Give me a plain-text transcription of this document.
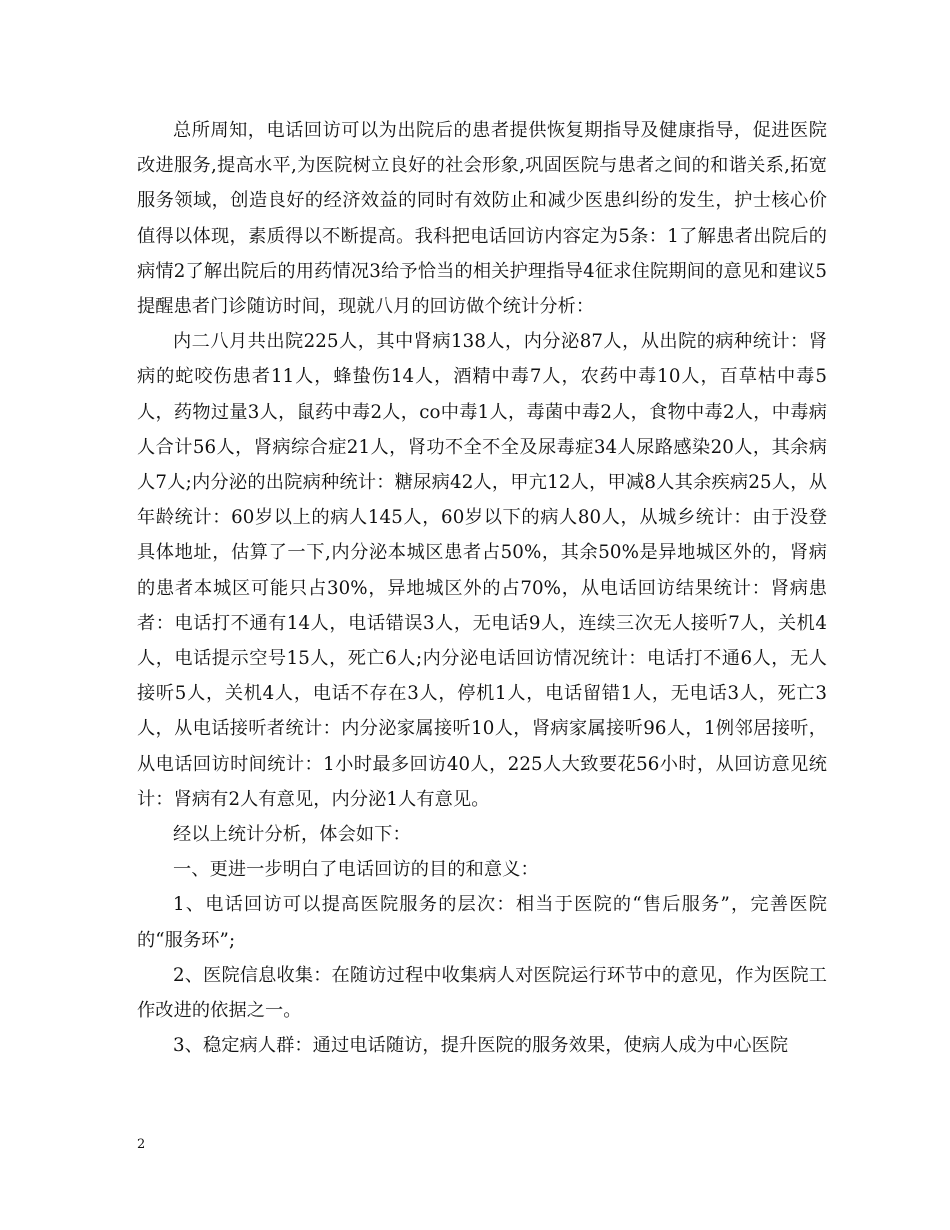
总所周知，电话回访可以为出院后的患者提供恢复期指导及健康指导，促进医院改进服务,提高水平,为医院树立良好的社会形象,巩固医院与患者之间的和谐关系,拓宽服务领域，创造良好的经济效益的同时有效防止和减少医患纠纷的发生，护士核心价值得以体现，素质得以不断提高。我科把电话回访内容定为5条：1了解患者出院后的病情2了解出院后的用药情况3给予恰当的相关护理指导4征求住院期间的意见和建议5提醒患者门诊随访时间，现就八月的回访做个统计分析：

内二八月共出院225人，其中肾病138人，内分泌87人，从出院的病种统计：肾病的蛇咬伤患者11人，蜂蛰伤14人，酒精中毒7人，农药中毒10人，百草枯中毒5人，药物过量3人，鼠药中毒2人，co中毒1人，毒菌中毒2人，食物中毒2人，中毒病人合计56人，肾病综合症21人，肾功不全不全及尿毒症34人尿路感染20人，其余病人7人;内分泌的出院病种统计：糖尿病42人，甲亢12人，甲减8人其余疾病25人，从年龄统计：60岁以上的病人145人，60岁以下的病人80人，从城乡统计：由于没登具体地址，估算了一下,内分泌本城区患者占50%，其余50%是异地城区外的，肾病的患者本城区可能只占30%，异地城区外的占70%，从电话回访结果统计：肾病患者：电话打不通有14人，电话错误3人，无电话9人，连续三次无人接听7人，关机4人，电话提示空号15人，死亡6人;内分泌电话回访情况统计：电话打不通6人，无人接听5人，关机4人，电话不存在3人，停机1人，电话留错1人，无电话3人，死亡3人，从电话接听者统计：内分泌家属接听10人，肾病家属接听96人，1例邻居接听，从电话回访时间统计：1小时最多回访40人，225人大致要花56小时，从回访意见统计：肾病有2人有意见，内分泌1人有意见。

经以上统计分析，体会如下：

一、更进一步明白了电话回访的目的和意义：

1、电话回访可以提高医院服务的层次：相当于医院的“售后服务”，完善医院的“服务环”;

2、医院信息收集：在随访过程中收集病人对医院运行环节中的意见，作为医院工作改进的依据之一。

3、稳定病人群：通过电话随访，提升医院的服务效果，使病人成为中心医院

2
